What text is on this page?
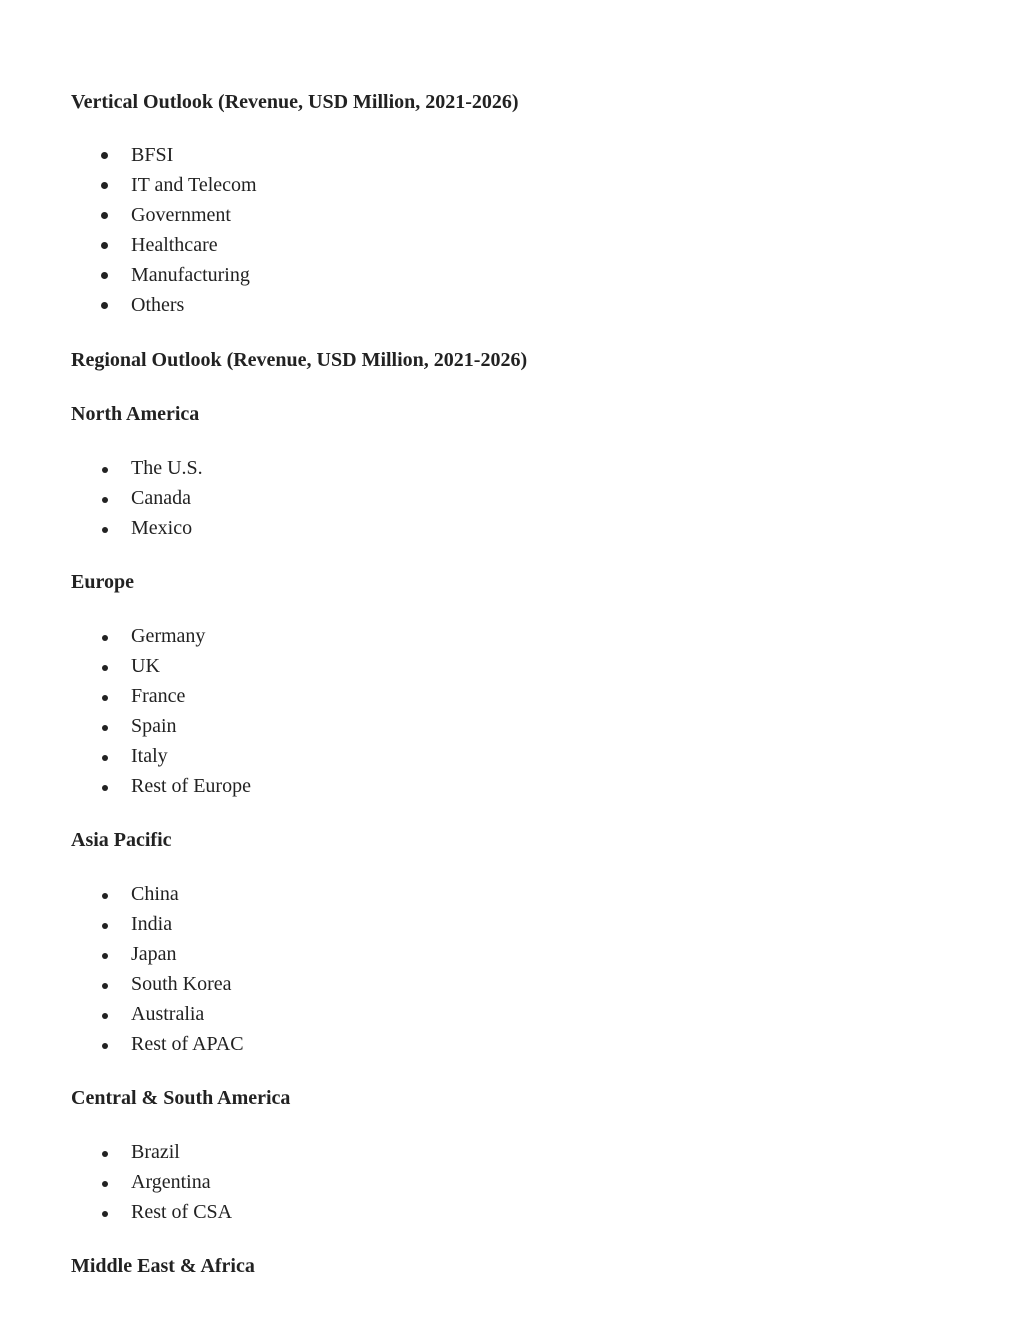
Vertical Outlook (Revenue, USD Million, 2021-2026)
BFSI
IT and Telecom
Government
Healthcare
Manufacturing
Others
Regional Outlook (Revenue, USD Million, 2021-2026)
North America
The U.S.
Canada
Mexico
Europe
Germany
UK
France
Spain
Italy
Rest of Europe
Asia Pacific
China
India
Japan
South Korea
Australia
Rest of APAC
Central & South America
Brazil
Argentina
Rest of CSA
Middle East & Africa
